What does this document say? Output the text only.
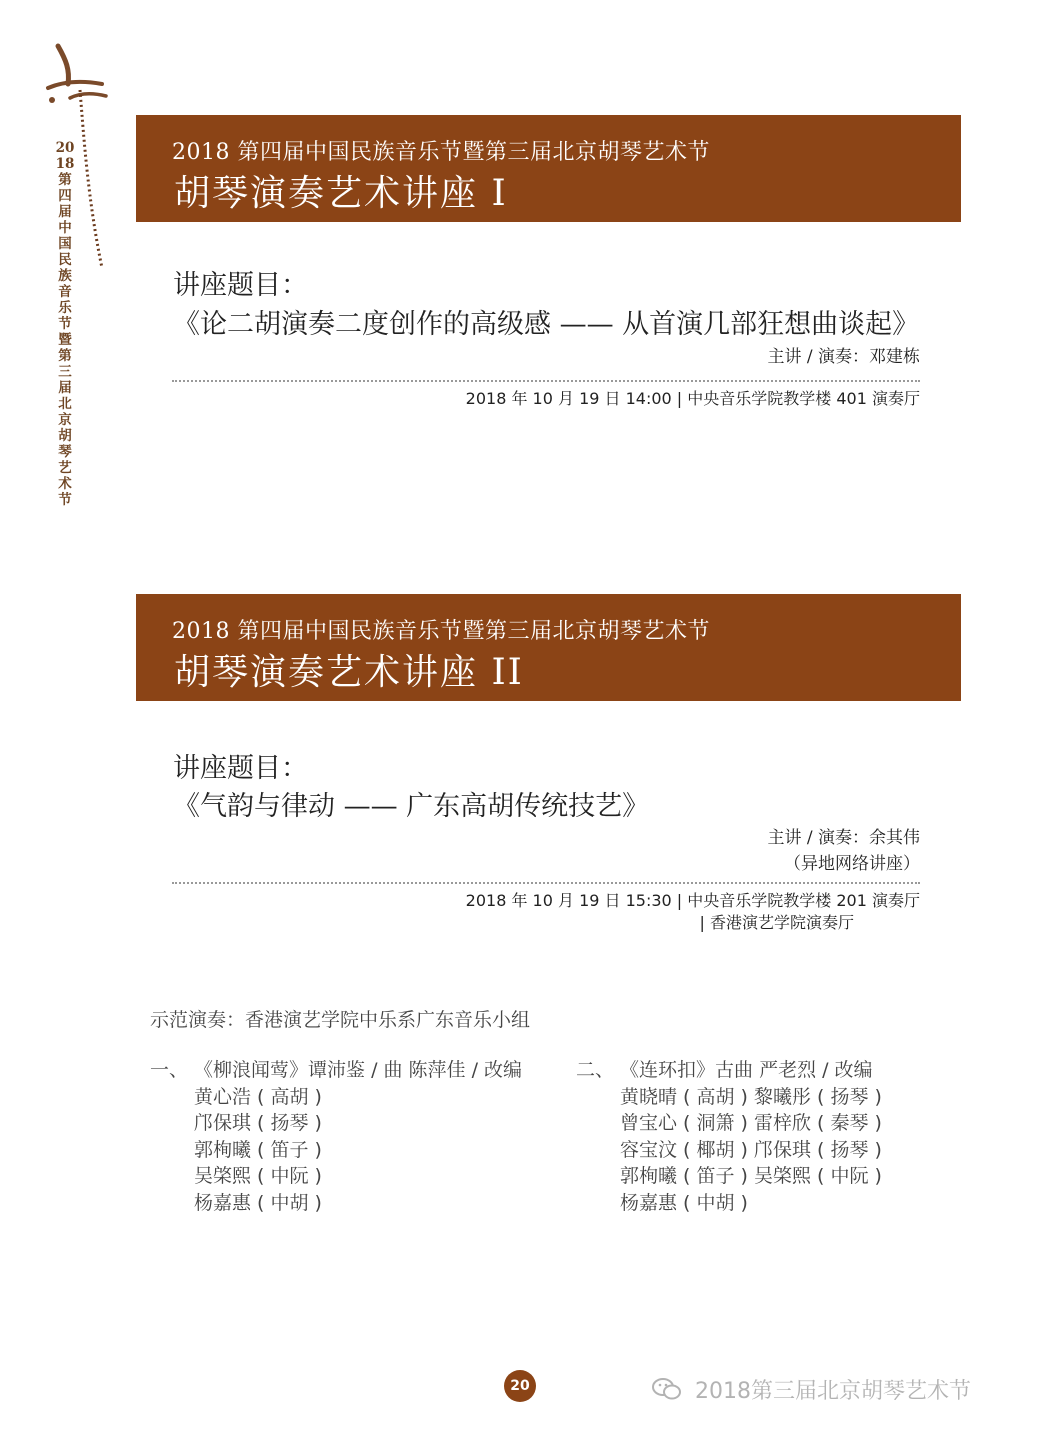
2018第四届中国民族音乐节暨第三届北京胡琴艺术节
2018 第四届中国民族音乐节暨第三届北京胡琴艺术节
胡琴演奏艺术讲座 I
讲座题目：
《论二胡演奏二度创作的高级感 —— 从首演几部狂想曲谈起》
主讲 / 演奏：邓建栋
2018 年 10 月 19 日 14:00 | 中央音乐学院教学楼 401 演奏厅
2018 第四届中国民族音乐节暨第三届北京胡琴艺术节
胡琴演奏艺术讲座 II
讲座题目：
《气韵与律动 —— 广东高胡传统技艺》
主讲 / 演奏：余其伟
（异地网络讲座）
2018 年 10 月 19 日 15:30 | 中央音乐学院教学楼 201 演奏厅
| 香港演艺学院演奏厅
示范演奏：香港演艺学院中乐系广东音乐小组
一、 《柳浪闻莺》谭沛鉴 / 曲 陈萍佳 / 改编
黄心浩 ( 高胡 )
邝保琪 ( 扬琴 )
郭栒曦 ( 笛子 )
吴棨熙 ( 中阮 )
杨嘉惠 ( 中胡 )
二、 《连环扣》古曲 严老烈 / 改编
黄晓晴 ( 高胡 ) 黎曦彤 ( 扬琴 )
曾宝心 ( 洞箫 ) 雷梓欣 ( 秦琴 )
容宝汶 ( 椰胡 ) 邝保琪 ( 扬琴 )
郭栒曦 ( 笛子 ) 吴棨熙 ( 中阮 )
杨嘉惠 ( 中胡 )
20	2018第三届北京胡琴艺术节
